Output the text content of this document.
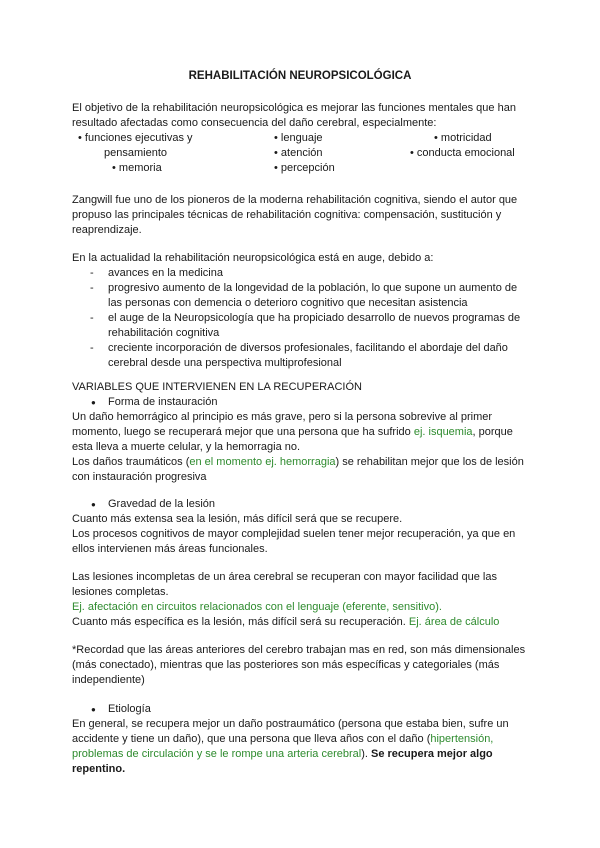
REHABILITACIÓN NEUROPSICOLÓGICA

El objetivo de la rehabilitación neuropsicológica es mejorar las funciones mentales que han resultado afectadas como consecuencia del daño cerebral, especialmente:

• funciones ejecutivas y
pensamiento
• memoria
• lenguaje
• atención
• percepción
• motricidad
• conducta emocional

Zangwill fue uno de los pioneros de la moderna rehabilitación cognitiva, siendo el autor que propuso las principales técnicas de rehabilitación cognitiva: compensación, sustitución y reaprendizaje.

En la actualidad la rehabilitación neuropsicológica está en auge, debido a:

- avances en la medicina
- progresivo aumento de la longevidad de la población, lo que supone un aumento de las personas con demencia o deterioro cognitivo que necesitan asistencia
- el auge de la Neuropsicología que ha propiciado desarrollo de nuevos programas de rehabilitación cognitiva
- creciente incorporación de diversos profesionales, facilitando el abordaje del daño cerebral desde una perspectiva multiprofesional

VARIABLES QUE INTERVIENEN EN LA RECUPERACIÓN

● Forma de instauración

Un daño hemorrágico al principio es más grave, pero si la persona sobrevive al primer momento, luego se recuperará mejor que una persona que ha sufrido ej. isquemia, porque esta lleva a muerte celular, y la hemorragia no.

Los daños traumáticos (en el momento ej. hemorragia) se rehabilitan mejor que los de lesión con instauración progresiva

● Gravedad de la lesión

Cuanto más extensa sea la lesión, más difícil será que se recupere.

Los procesos cognitivos de mayor complejidad suelen tener mejor recuperación, ya que en ellos intervienen más áreas funcionales.

Las lesiones incompletas de un área cerebral se recuperan con mayor facilidad que las lesiones completas.

Ej. afectación en circuitos relacionados con el lenguaje (eferente, sensitivo).

Cuanto más específica es la lesión, más difícil será su recuperación. Ej. área de cálculo

*Recordad que las áreas anteriores del cerebro trabajan mas en red, son más dimensionales (más conectado), mientras que las posteriores son más específicas y categoriales (más independiente)

● Etiología

En general, se recupera mejor un daño postraumático (persona que estaba bien, sufre un accidente y tiene un daño), que una persona que lleva años con el daño (hipertensión, problemas de circulación y se le rompe una arteria cerebral). Se recupera mejor algo repentino.
